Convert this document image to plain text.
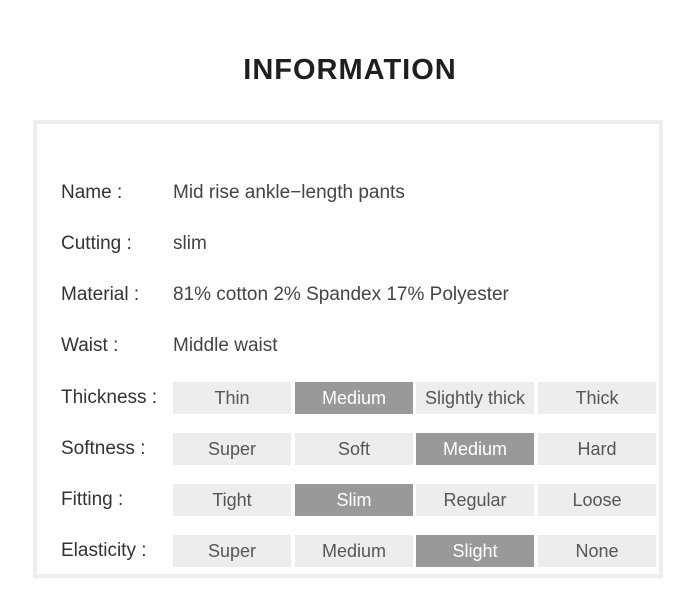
INFORMATION
Name :	Mid rise ankle−length pants
Cutting : slim
Material : 81% cotton 2% Spandex 17% Polyester
Waist :	Middle waist
Thickness :	Thin	Medium	Slightly thick	Thick
Softness :	Super	Soft	Medium	Hard
Fitting :	Tight	Slim	Regular	Loose
Elasticity :	Super	Medium	Slight	None
